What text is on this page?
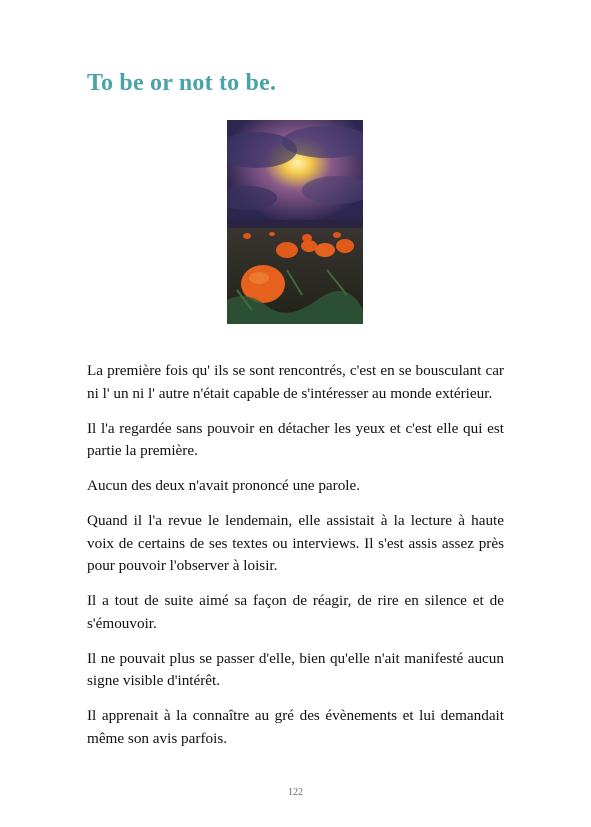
To be or not to be.

La première fois qu' ils se sont rencontrés, c'est en se bousculant car ni l' un ni l' autre n'était capable de s'intéresser au monde extérieur.

Il l'a regardée sans pouvoir en détacher les yeux et c'est elle qui est partie la première.

Aucun des deux n'avait prononcé une parole.

Quand il l'a revue le lendemain, elle assistait à la lecture à haute voix de certains de ses textes ou interviews. Il s'est assis assez près pour pouvoir l'observer à loisir.

Il a tout de suite aimé sa façon de réagir, de rire en silence et de s'émouvoir.

Il ne pouvait plus se passer d'elle, bien qu'elle n'ait manifesté aucun signe visible d'intérêt.

Il apprenait à la connaître au gré des évènements et lui demandait même son avis parfois.

122
